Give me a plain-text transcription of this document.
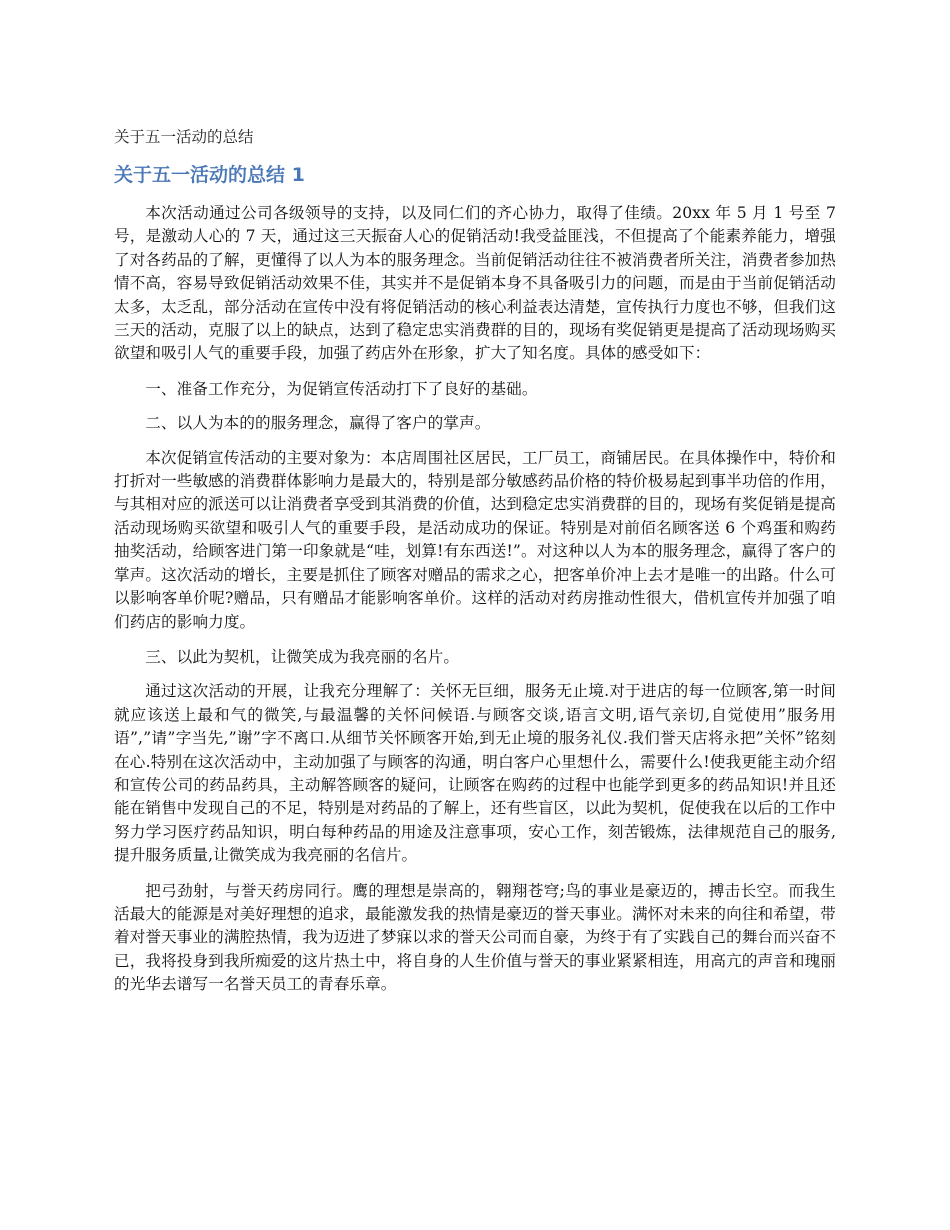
关于五一活动的总结
关于五一活动的总结 1

本次活动通过公司各级领导的支持，以及同仁们的齐心协力，取得了佳绩。20xx 年 5 月 1 号至 7 号，是激动人心的 7 天，通过这三天振奋人心的促销活动!我受益匪浅，不但提高了个能素养能力，增强了对各药品的了解，更懂得了以人为本的服务理念。当前促销活动往往不被消费者所关注，消费者参加热情不高，容易导致促销活动效果不佳，其实并不是促销本身不具备吸引力的问题，而是由于当前促销活动太多，太乏乱，部分活动在宣传中没有将促销活动的核心利益表达清楚，宣传执行力度也不够，但我们这三天的活动，克服了以上的缺点，达到了稳定忠实消费群的目的，现场有奖促销更是提高了活动现场购买欲望和吸引人气的重要手段，加强了药店外在形象，扩大了知名度。具体的感受如下：

一、准备工作充分，为促销宣传活动打下了良好的基础。

二、以人为本的的服务理念，赢得了客户的掌声。

本次促销宣传活动的主要对象为：本店周围社区居民，工厂员工，商铺居民。在具体操作中，特价和打折对一些敏感的消费群体影响力是最大的，特别是部分敏感药品价格的特价极易起到事半功倍的作用，与其相对应的派送可以让消费者享受到其消费的价值，达到稳定忠实消费群的目的，现场有奖促销是提高活动现场购买欲望和吸引人气的重要手段，是活动成功的保证。特别是对前佰名顾客送 6 个鸡蛋和购药抽奖活动，给顾客进门第一印象就是“哇，划算!有东西送!”。对这种以人为本的服务理念，赢得了客户的掌声。这次活动的增长，主要是抓住了顾客对赠品的需求之心，把客单价冲上去才是唯一的出路。什么可以影响客单价呢?赠品，只有赠品才能影响客单价。这样的活动对药房推动性很大，借机宣传并加强了咱们药店的影响力度。

三、以此为契机，让微笑成为我亮丽的名片。

通过这次活动的开展，让我充分理解了：关怀无巨细，服务无止境.对于进店的每一位顾客,第一时间就应该送上最和气的微笑,与最温馨的关怀问候语.与顾客交谈,语言文明,语气亲切,自觉使用”服务用语”,”请”字当先,”谢”字不离口.从细节关怀顾客开始,到无止境的服务礼仪.我们誉天店将永把”关怀”铭刻在心.特别在这次活动中，主动加强了与顾客的沟通，明白客户心里想什么，需要什么!使我更能主动介绍和宣传公司的药品药具，主动解答顾客的疑问，让顾客在购药的过程中也能学到更多的药品知识!并且还能在销售中发现自己的不足，特别是对药品的了解上，还有些盲区，以此为契机，促使我在以后的工作中努力学习医疗药品知识，明白每种药品的用途及注意事项，安心工作，刻苦锻炼，法律规范自己的服务,提升服务质量,让微笑成为我亮丽的名信片。

把弓劲射，与誉天药房同行。鹰的理想是崇高的，翱翔苍穹;鸟的事业是豪迈的，搏击长空。而我生活最大的能源是对美好理想的追求，最能激发我的热情是豪迈的誉天事业。满怀对未来的向往和希望，带着对誉天事业的满腔热情，我为迈进了梦寐以求的誉天公司而自豪，为终于有了实践自己的舞台而兴奋不已，我将投身到我所痴爱的这片热土中，将自身的人生价值与誉天的事业紧紧相连，用高亢的声音和瑰丽的光华去谱写一名誉天员工的青春乐章。
